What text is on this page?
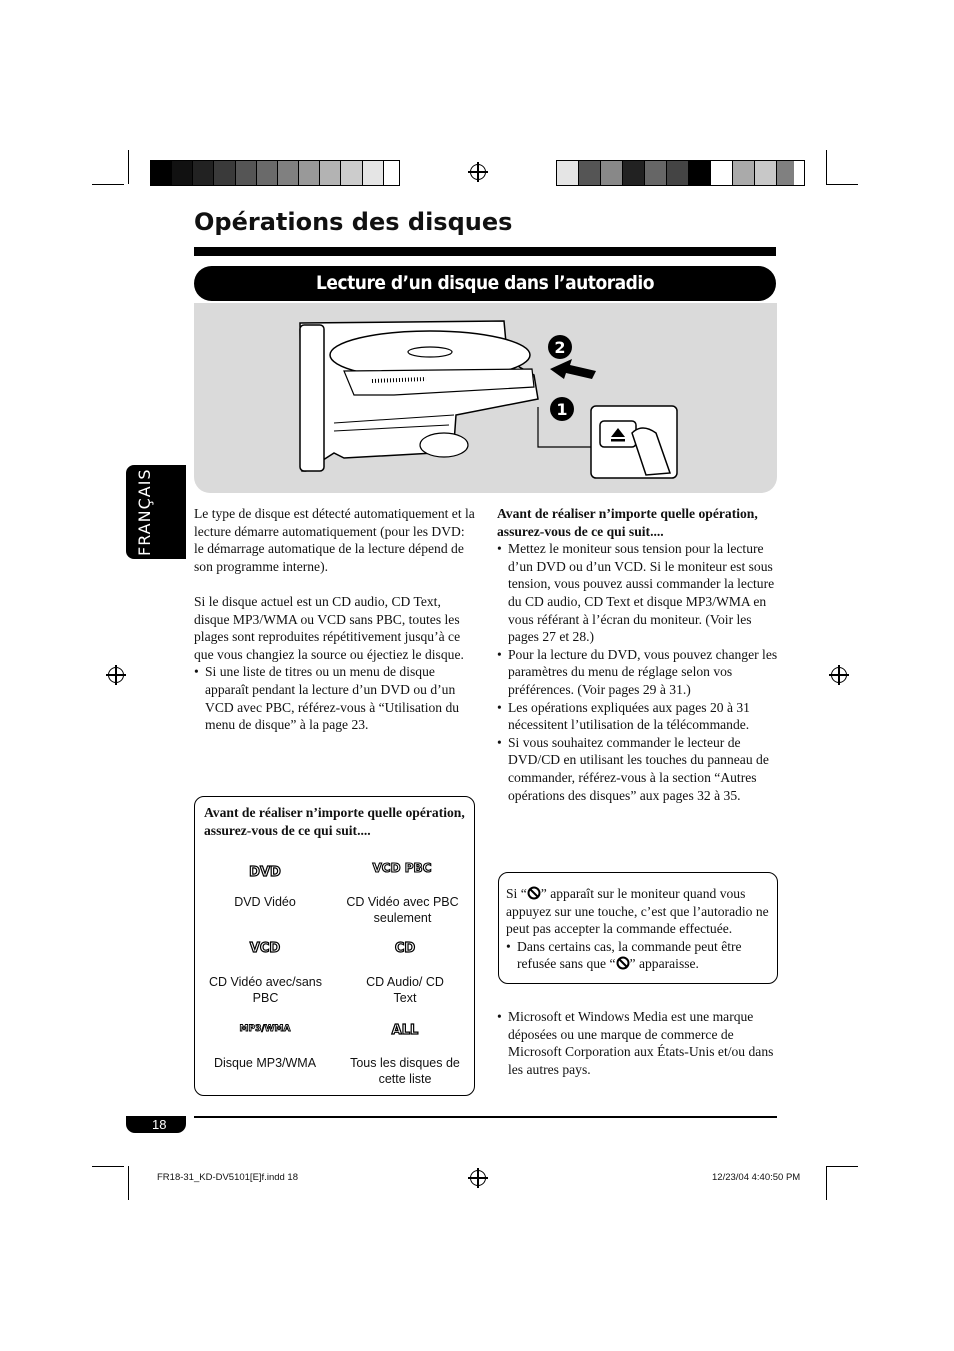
Opérations des disques
Lecture d’un disque dans l’autoradio
2
1
FRANÇAIS	Le type de disque est détecté automatiquement et la lecture démarre automatiquement (pour les DVD: le démarrage automatique de la lecture dépend de son programme interne).

Si le disque actuel est un CD audio, CD Text, disque MP3/WMA ou VCD sans PBC, toutes les plages sont reproduites répétitivement jusqu’à ce que vous changiez la source ou éjectiez le disque.

• Si une liste de titres ou un menu de disque apparaît pendant la lecture d’un DVD ou d’un VCD avec PBC, référez-vous à “Utilisation du menu de disque” à la page 23.

Avant de réaliser n’importe quelle opération, assurez-vous de ce qui suit....

DVD
DVD Vidéo
VCD PBC
CD Vidéo avec PBC seulement
VCD
CD Vidéo avec/sans PBC
CD
CD Audio/ CD Text
MP3/WMA
Disque MP3/WMA
ALL
Tous les disques de cette liste

Avant de réaliser n’importe quelle opération, assurez-vous de ce qui suit....

• Mettez le moniteur sous tension pour la lecture d’un DVD ou d’un VCD. Si le moniteur est sous tension, vous pouvez aussi commander la lecture du CD audio, CD Text et disque MP3/WMA en vous référant à l’écran du moniteur. (Voir les pages 27 et 28.)
• Pour la lecture du DVD, vous pouvez changer les paramètres du menu de réglage selon vos préférences. (Voir pages 29 à 31.)
• Les opérations expliquées aux pages 20 à 31 nécessitent l’utilisation de la télécommande.
• Si vous souhaitez commander le lecteur de DVD/CD en utilisant les touches du panneau de commander, référez-vous à la section “Autres opérations des disques” aux pages 32 à 35.

Si “ ” apparaît sur le moniteur quand vous appuyez sur une touche, c’est que l’autoradio ne peut pas accepter la commande effectuée.

• Dans certains cas, la commande peut être refusée sans que “ ” apparaisse.
• Microsoft et Windows Media est une marque déposées ou une marque de commerce de Microsoft Corporation aux États-Unis et/ou dans les autres pays.
18
FR18-31_KD-DV5101[E]f.indd 18	12/23/04 4:40:50 PM
